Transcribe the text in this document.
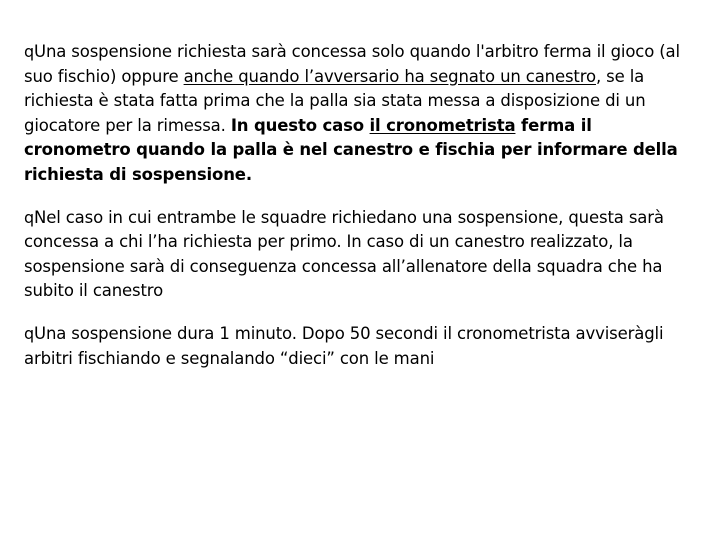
qUna sospensione richiesta sarà concessa solo quando l'arbitro ferma il gioco (al suo fischio) oppure anche quando l’avversario ha segnato un canestro, se la richiesta è stata fatta prima che la palla sia stata messa a disposizione di un giocatore per la rimessa. In questo caso il cronometrista ferma il cronometro quando la palla è nel canestro e fischia per informare della richiesta di sospensione.

qNel caso in cui entrambe le squadre richiedano una sospensione, questa sarà concessa a chi l’ha richiesta per primo. In caso di un canestro realizzato, la sospensione sarà di conseguenza concessa all’allenatore della squadra che ha subito il canestro

qUna sospensione dura 1 minuto. Dopo 50 secondi il cronometrista avviseràgli arbitri fischiando e segnalando “dieci” con le mani
